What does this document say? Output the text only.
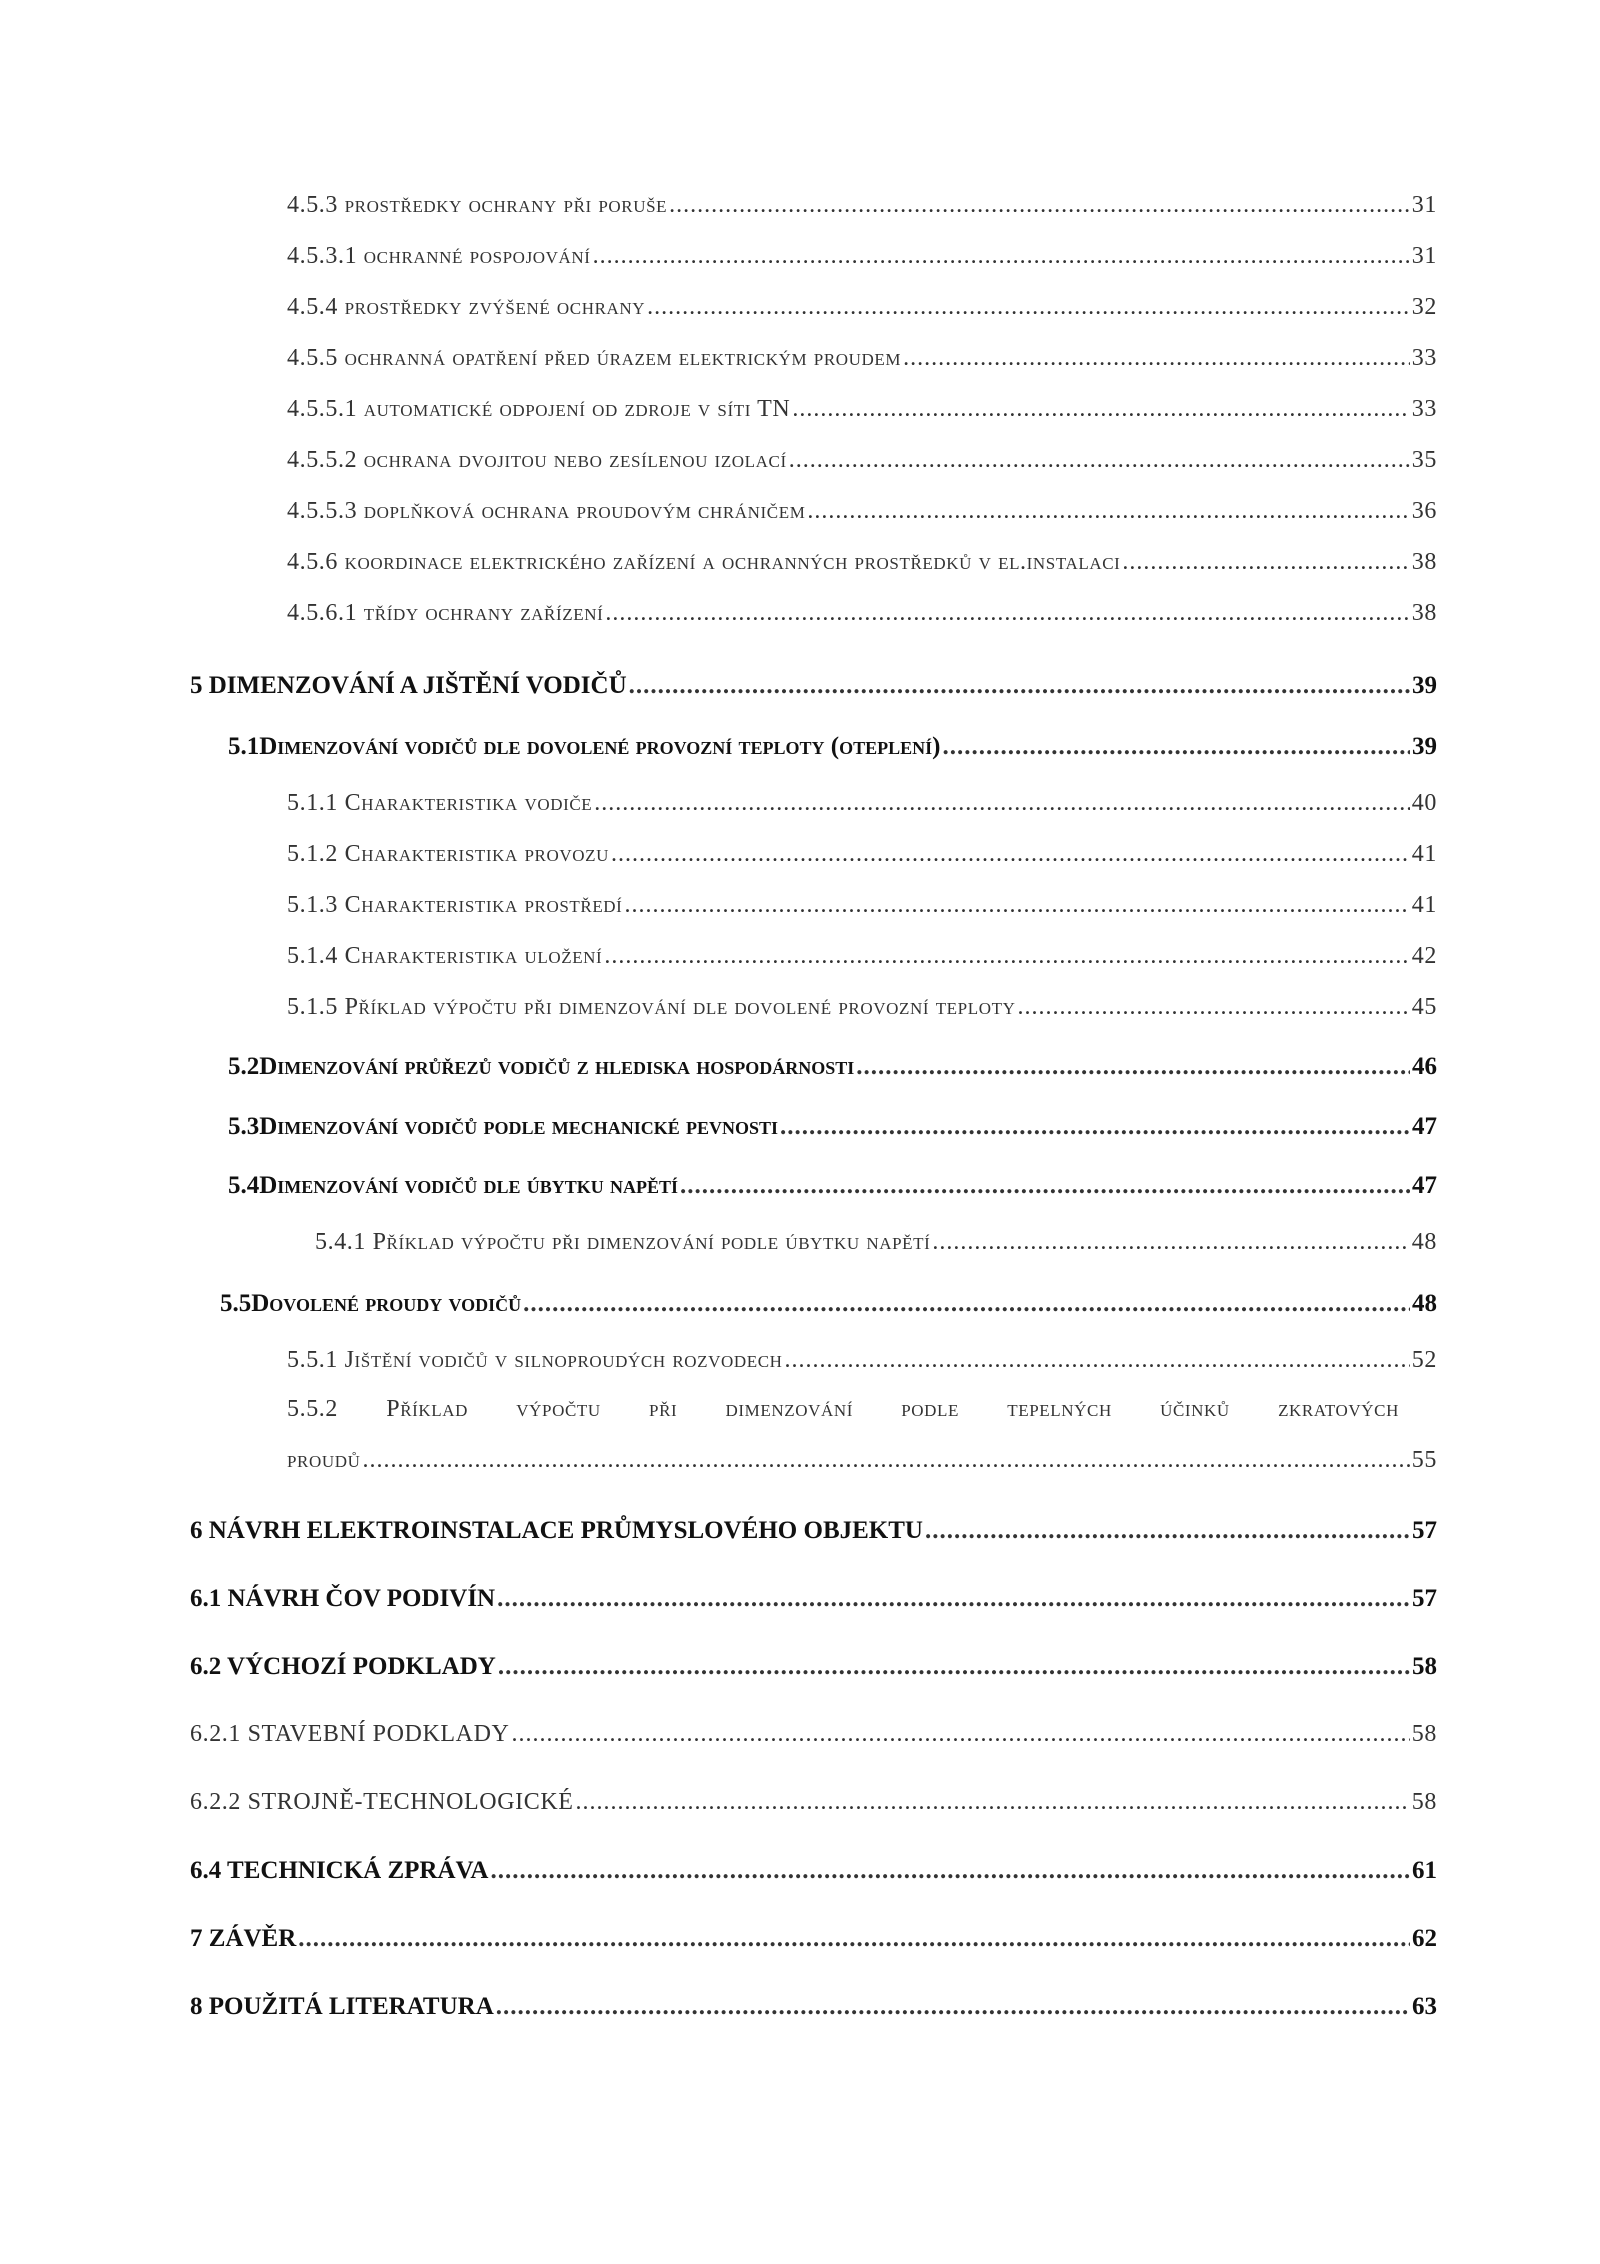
4.5.3 prostředky ochrany při poruše .....	31
4.5.3.1 ochranné pospojování .....	31
4.5.4 prostředky zvýšené ochrany .....	32
4.5.5 ochranná opatření před úrazem elektrickým proudem .....	33
4.5.5.1 automatické odpojení od zdroje v síti TN .....	33
4.5.5.2 ochrana dvojitou nebo zesílenou izolací .....	35
4.5.5.3 doplňková ochrana proudovým chráničem .....	36
4.5.6 koordinace elektrického zařízení a ochranných prostředků v el.instalaci .....	38
4.5.6.1 třídy ochrany zařízení .....	38
5 DIMENZOVÁNÍ A JIŠTĚNÍ VODIČŮ .....	39
5.1 Dimenzování vodičů dle dovolené provozní teploty (oteplení) .....	39
5.1.1 Charakteristika vodiče .....	40
5.1.2 Charakteristika provozu .....	41
5.1.3 Charakteristika prostředí .....	41
5.1.4 Charakteristika uložení .....	42
5.1.5 Příklad výpočtu při dimenzování dle dovolené provozní teploty .....	45
5.2 Dimenzování průřezů vodičů z hlediska hospodárnosti .....	46
5.3 Dimenzování vodičů podle mechanické pevnosti .....	47
5.4 Dimenzování vodičů dle úbytku napětí .....	47
5.4.1 Příklad výpočtu při dimenzování podle úbytku napětí .....	48
5.5 Dovolené proudy vodičů .....	48
5.5.1 Jištění vodičů v silnoproudých rozvodech .....	52
5.5.2 Příklad výpočtu při dimenzování podle tepelných účinků zkratových
proudů .....	55
6 NÁVRH ELEKTROINSTALACE PRŮMYSLOVÉHO OBJEKTU .....	57
6.1 NÁVRH ČOV PODIVÍN .....	57
6.2 VÝCHOZÍ PODKLADY .....	58
6.2.1 STAVEBNÍ PODKLADY .....	58
6.2.2 STROJNĚ-TECHNOLOGICKÉ .....	58
6.4 TECHNICKÁ ZPRÁVA .....	61
7 ZÁVĚR .....	62
8 POUŽITÁ LITERATURA .....	63
